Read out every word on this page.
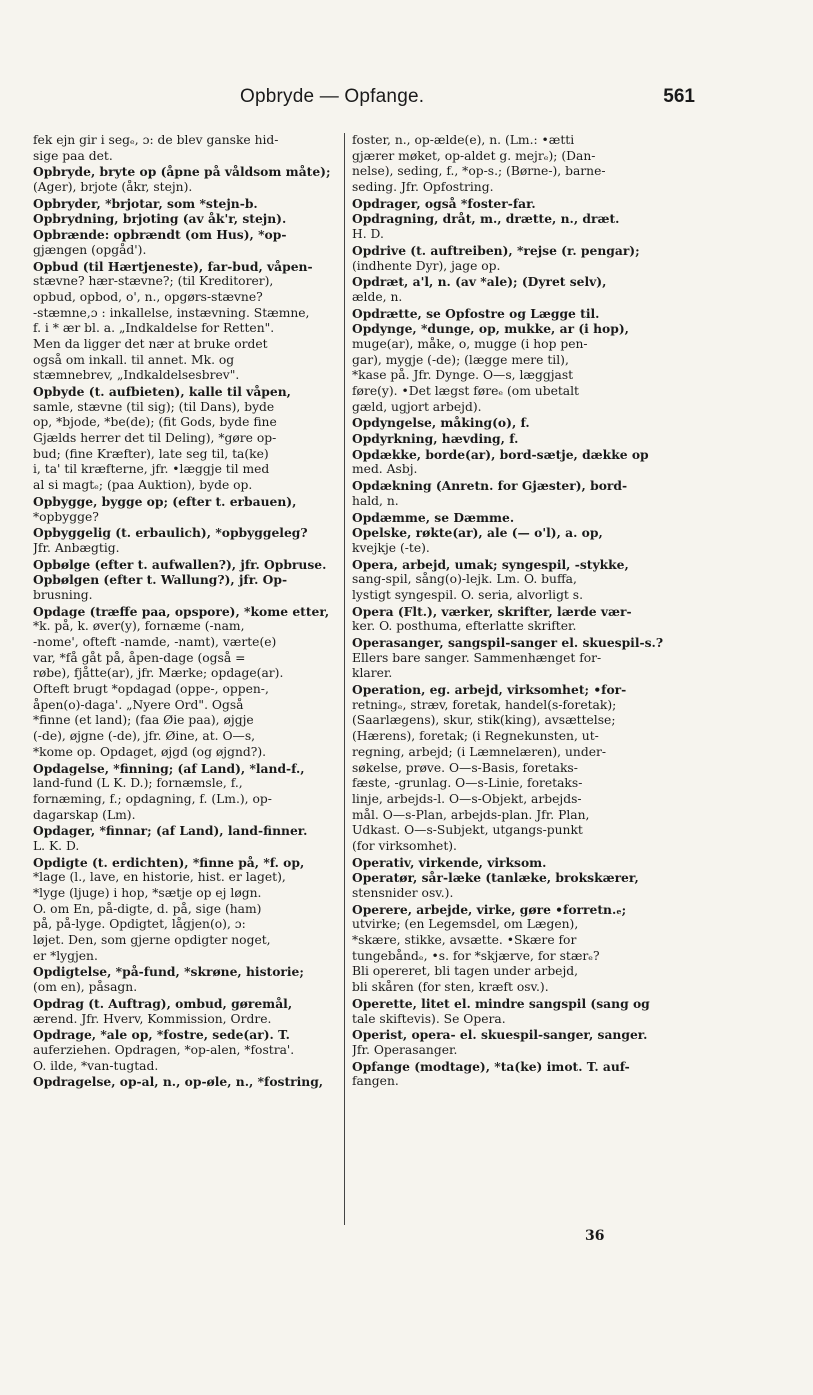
Opbryde — Opfange.	561
fek ejn gir i segₑ, ɔ: de blev ganske hid-
sige paa det.
Opbryde, bryte op (åpne på våldsom måte);
(Ager), brjote (åkr, stejn).
Opbryder, *brjotar, som *stejn-b.
Opbrydning, brjoting (av åk'r, stejn).
Opbrænde: opbrændt (om Hus), *op-
gjængen (opgåd').
Opbud (til Hærtjeneste), far-bud, våpen-
stævne? hær-stævne?; (til Kreditorer),
opbud, opbod, o', n., opgørs-stævne?
-stæmne,ɔ : inkallelse, instævning. Stæmne,
f. i * ær bl. a. „Indkaldelse for Retten".
Men da ligger det nær at bruke ordet
også om inkall. til annet. Mk. og
stæmnebrev, „Indkaldelsesbrev".
Opbyde (t. aufbieten), kalle til våpen,
samle, stævne (til sig); (til Dans), byde
op, *bjode, *be(de); (fit Gods, byde fine
Gjælds herrer det til Deling), *gøre op-
bud; (fine Kræfter), late seg til, ta(ke)
i, ta' til kræfterne, jfr. •læggje til med
al si magtₑ; (paa Auktion), byde op.
Opbygge, bygge op; (efter t. erbauen),
*opbygge?
Opbyggelig (t. erbaulich), *opbyggeleg?
Jfr. Anbægtig.
Opbølge (efter t. aufwallen?), jfr. Opbruse.
Opbølgen (efter t. Wallung?), jfr. Op-
brusning.
Opdage (træffe paa, opspore), *kome etter,
*k. på, k. øver(y), fornæme (-nam,
-nome', ofteft -namde, -namt), værte(e)
var, *få gåt på, åpen-dage (også =
røbe), fjåtte(ar), jfr. Mærke; opdage(ar).
Ofteft brugt *opdagad (oppe-, oppen-,
åpen(o)-daga'. „Nyere Ord". Også
*finne (et land); (faa Øie paa), øjgje
(-de), øjgne (-de), jfr. Øine, at. O—s,
*kome op. Opdaget, øjgd (og øjgnd?).
Opdagelse, *finning; (af Land), *land-f.,
land-fund (L K. D.); fornæmsle, f.,
fornæming, f.; opdagning, f. (Lm.), op-
dagarskap (Lm).
Opdager, *finnar; (af Land), land-finner.
L. K. D.
Opdigte (t. erdichten), *finne på, *f. op,
*lage (l., lave, en historie, hist. er laget),
*lyge (ljuge) i hop, *sætje op ej løgn.
O. om En, på-digte, d. på, sige (ham)
på, på-lyge. Opdigtet, lågjen(o), ɔ:
løjet. Den, som gjerne opdigter noget,
er *lygjen.
Opdigtelse, *på-fund, *skrøne, historie;
(om en), påsagn.
Opdrag (t. Auftrag), ombud, gøremål,
ærend. Jfr. Hverv, Kommission, Ordre.
Opdrage, *ale op, *fostre, sede(ar). T.
auferziehen. Opdragen, *op-alen, *fostra'.
O. ilde, *van-tugtad.
Opdragelse, op-al, n., op-øle, n., *fostring,
foster, n., op-ælde(e), n. (Lm.: •ætti
gjærer møket, op-aldet g. mejrₑ); (Dan-
nelse), seding, f., *op-s.; (Børne-), barne-
seding. Jfr. Opfostring.
Opdrager, også *foster-far.
Opdragning, dråt, m., drætte, n., dræt.
H. D.
Opdrive (t. auftreiben), *rejse (r. pengar);
(indhente Dyr), jage op.
Opdræt, a'l, n. (av *ale); (Dyret selv),
ælde, n.
Opdrætte, se Opfostre og Lægge til.
Opdynge, *dunge, op, mukke, ar (i hop),
muge(ar), måke, o, mugge (i hop pen-
gar), mygje (-de); (lægge mere til),
*kase på. Jfr. Dynge. O—s, læggjast
føre(y). •Det lægst føreₑ (om ubetalt
gæld, ugjort arbejd).
Opdyngelse, måking(o), f.
Opdyrkning, hævding, f.
Opdække, borde(ar), bord-sætje, dække op
med. Asbj.
Opdækning (Anretn. for Gjæster), bord-
hald, n.
Opdæmme, se Dæmme.
Opelske, røkte(ar), ale (— o'l), a. op,
kvejkje (-te).
Opera, arbejd, umak; syngespil, -stykke,
sang-spil, sång(o)-lejk. Lm. O. buffa,
lystigt syngespil. O. seria, alvorligt s.
Opera (Flt.), værker, skrifter, lærde vær-
ker. O. posthuma, efterlatte skrifter.
Operasanger, sangspil-sanger el. skuespil-s.?
Ellers bare sanger. Sammenhænget for-
klarer.
Operation, eg. arbejd, virksomhet; •for-
retningₑ, stræv, foretak, handel(s-foretak);
(Saarlægens), skur, stik(king), avsættelse;
(Hærens), foretak; (i Regnekunsten, ut-
regning, arbejd; (i Læmnelæren), under-
søkelse, prøve. O—s-Basis, foretaks-
fæste, -grunlag. O—s-Linie, foretaks-
linje, arbejds-l. O—s-Objekt, arbejds-
mål. O—s-Plan, arbejds-plan. Jfr. Plan,
Udkast. O—s-Subjekt, utgangs-punkt
(for virksomhet).
Operativ, virkende, virksom.
Operatør, sår-læke (tanlæke, brokskærer,
stensnider osv.).
Operere, arbejde, virke, gøre •forretn.ₑ;
utvirke; (en Legemsdel, om Lægen),
*skære, stikke, avsætte. •Skære for
tungebåndₑ, •s. for *skjærve, for stærₑ?
Bli opereret, bli tagen under arbejd,
bli skåren (for sten, kræft osv.).
Operette, litet el. mindre sangspil (sang og
tale skiftevis). Se Opera.
Operist, opera- el. skuespil-sanger, sanger.
Jfr. Operasanger.
Opfange (modtage), *ta(ke) imot. T. auf-
fangen.
36
